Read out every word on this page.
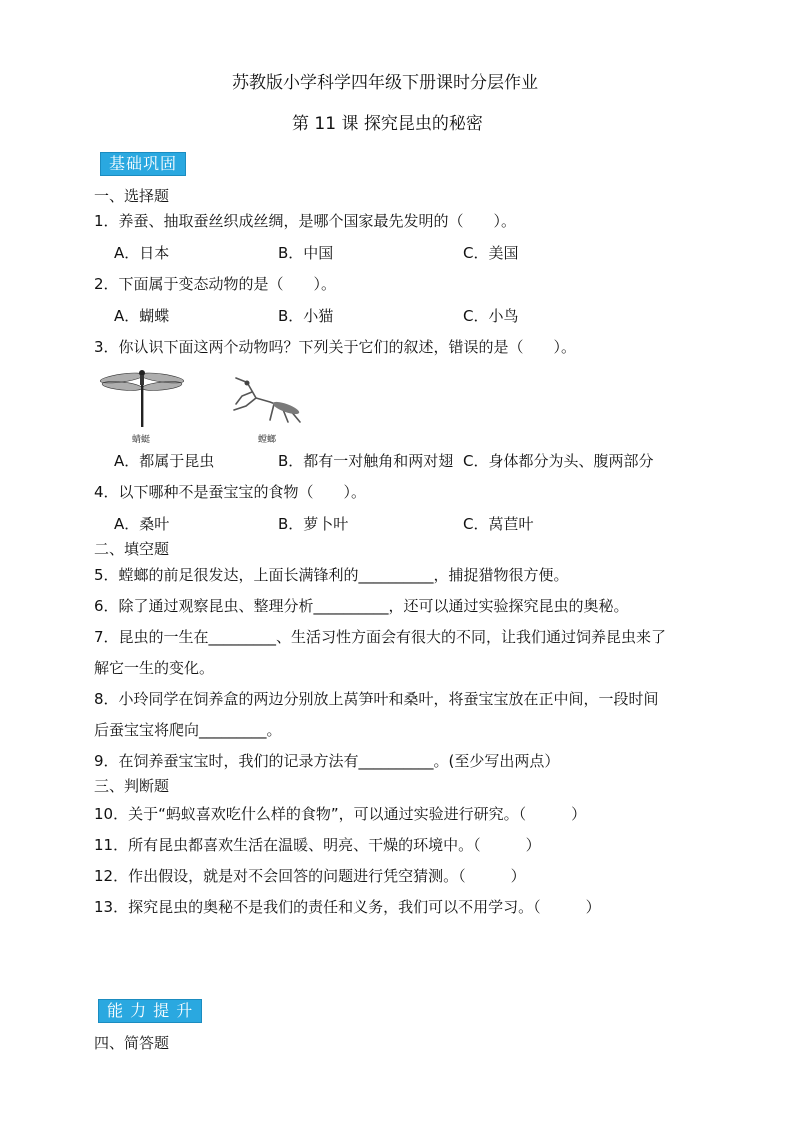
苏教版小学科学四年级下册课时分层作业
第 11 课 探究昆虫的秘密
基础巩固
一、选择题
1．养蚕、抽取蚕丝织成丝绸，是哪个国家最先发明的（　　）。
A．日本	B．中国	C．美国
2．下面属于变态动物的是（　　）。
A．蝴蝶	B．小猫	C．小鸟
3．你认识下面这两个动物吗？下列关于它们的叙述，错误的是（　　）。
蜻蜓	螳螂
A．都属于昆虫	B．都有一对触角和两对翅 C．身体都分为头、腹两部分
4．以下哪种不是蚕宝宝的食物（　　）。
A．桑叶	B．萝卜叶	C．莴苣叶
二、填空题
5．螳螂的前足很发达，上面长满锋利的__________，捕捉猎物很方便。
6．除了通过观察昆虫、整理分析__________，还可以通过实验探究昆虫的奥秘。
7．昆虫的一生在_________、生活习性方面会有很大的不同，让我们通过饲养昆虫来了
解它一生的变化。
8．小玲同学在饲养盒的两边分别放上莴笋叶和桑叶，将蚕宝宝放在正中间，一段时间
后蚕宝宝将爬向_________。
9．在饲养蚕宝宝时，我们的记录方法有__________。(至少写出两点）
三、判断题
10．关于“蚂蚁喜欢吃什么样的食物”，可以通过实验进行研究。（　　　）
11．所有昆虫都喜欢生活在温暖、明亮、干燥的环境中。（　　　）
12．作出假设，就是对不会回答的问题进行凭空猜测。（　　　）
13．探究昆虫的奥秘不是我们的责任和义务，我们可以不用学习。（　　　）
能 力 提 升
四、简答题
